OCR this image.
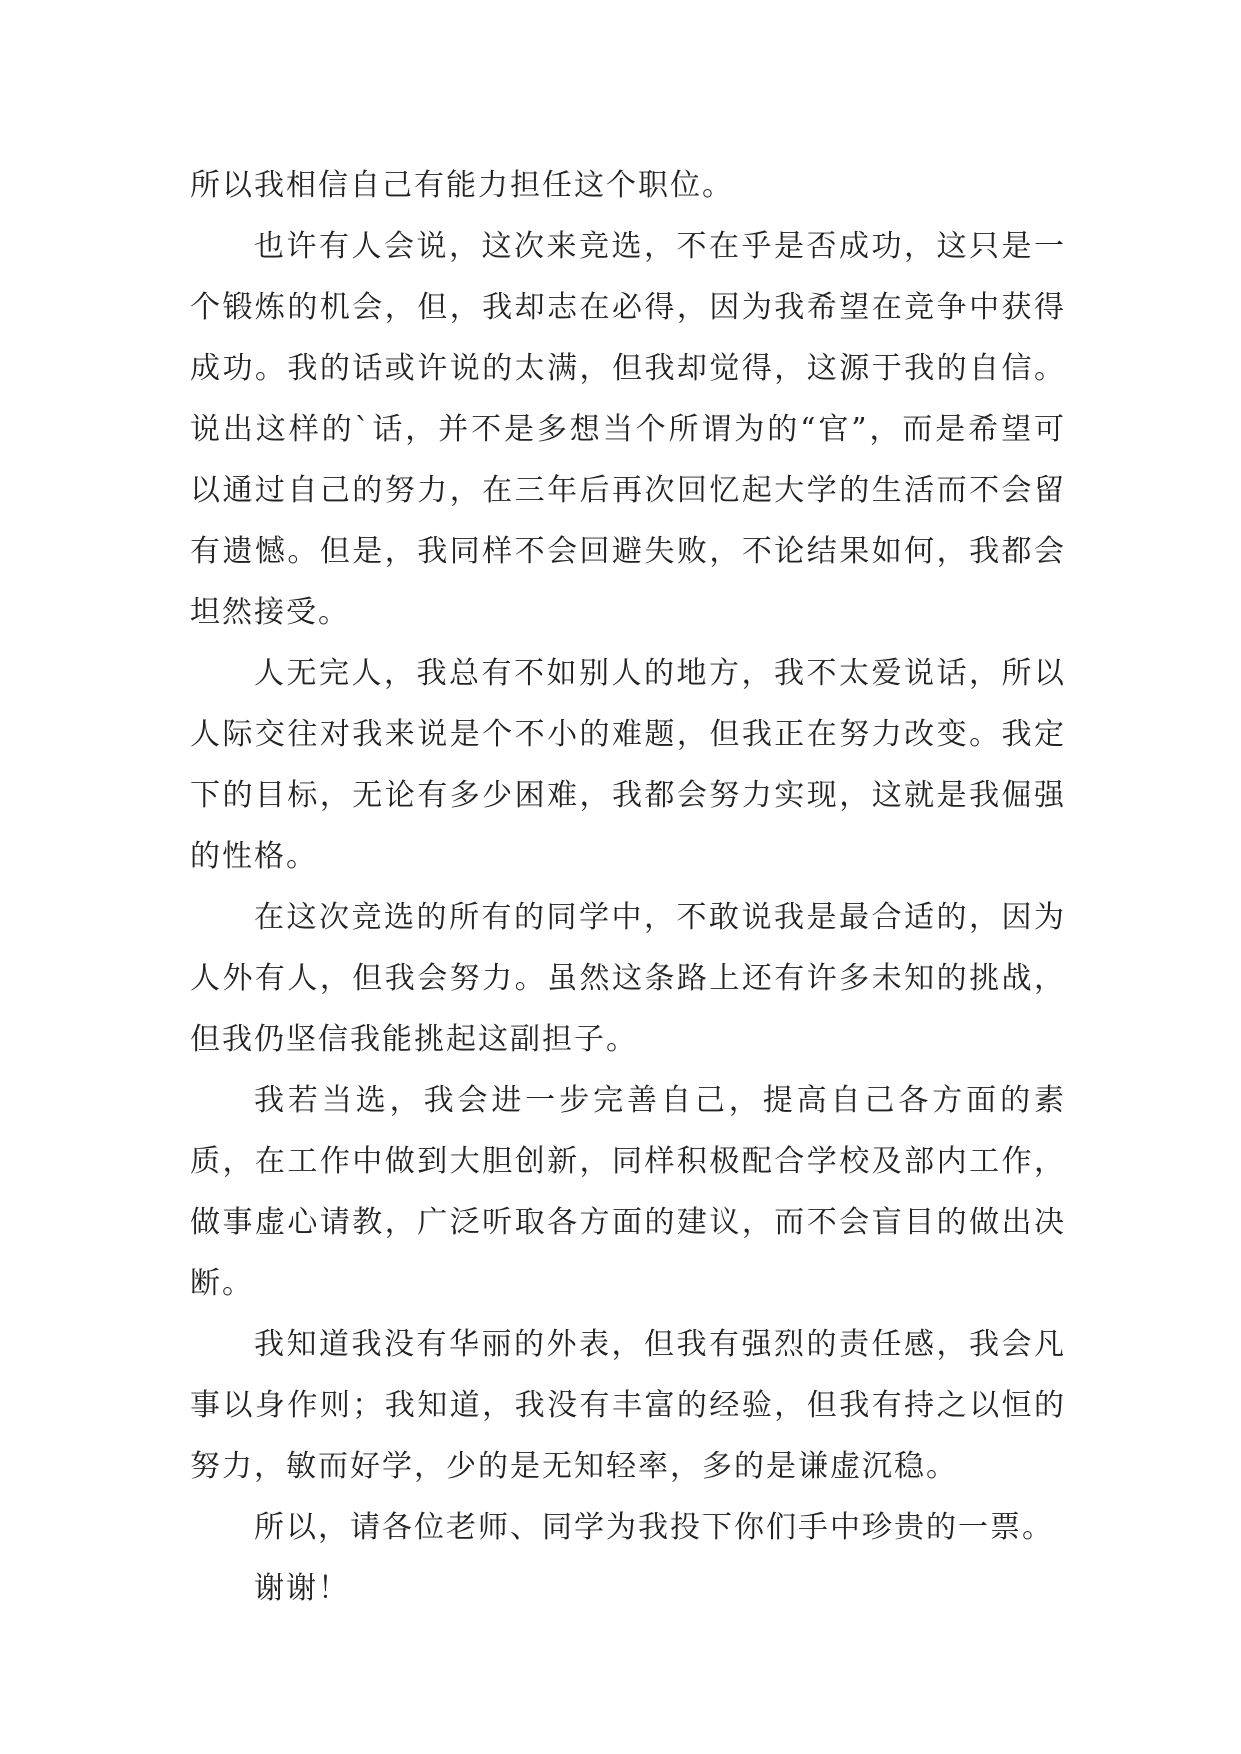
所以我相信自己有能力担任这个职位。

也许有人会说，这次来竞选，不在乎是否成功，这只是一个锻炼的机会，但，我却志在必得，因为我希望在竞争中获得成功。我的话或许说的太满，但我却觉得，这源于我的自信。说出这样的`话，并不是多想当个所谓为的“官”，而是希望可以通过自己的努力，在三年后再次回忆起大学的生活而不会留有遗憾。但是，我同样不会回避失败，不论结果如何，我都会坦然接受。

人无完人，我总有不如别人的地方，我不太爱说话，所以人际交往对我来说是个不小的难题，但我正在努力改变。我定下的目标，无论有多少困难，我都会努力实现，这就是我倔强的性格。

在这次竞选的所有的同学中，不敢说我是最合适的，因为人外有人，但我会努力。虽然这条路上还有许多未知的挑战，但我仍坚信我能挑起这副担子。

我若当选，我会进一步完善自己，提高自己各方面的素质，在工作中做到大胆创新，同样积极配合学校及部内工作，做事虚心请教，广泛听取各方面的建议，而不会盲目的做出决断。

我知道我没有华丽的外表，但我有强烈的责任感，我会凡事以身作则；我知道，我没有丰富的经验，但我有持之以恒的努力，敏而好学，少的是无知轻率，多的是谦虚沉稳。

所以，请各位老师、同学为我投下你们手中珍贵的一票。

谢谢！
